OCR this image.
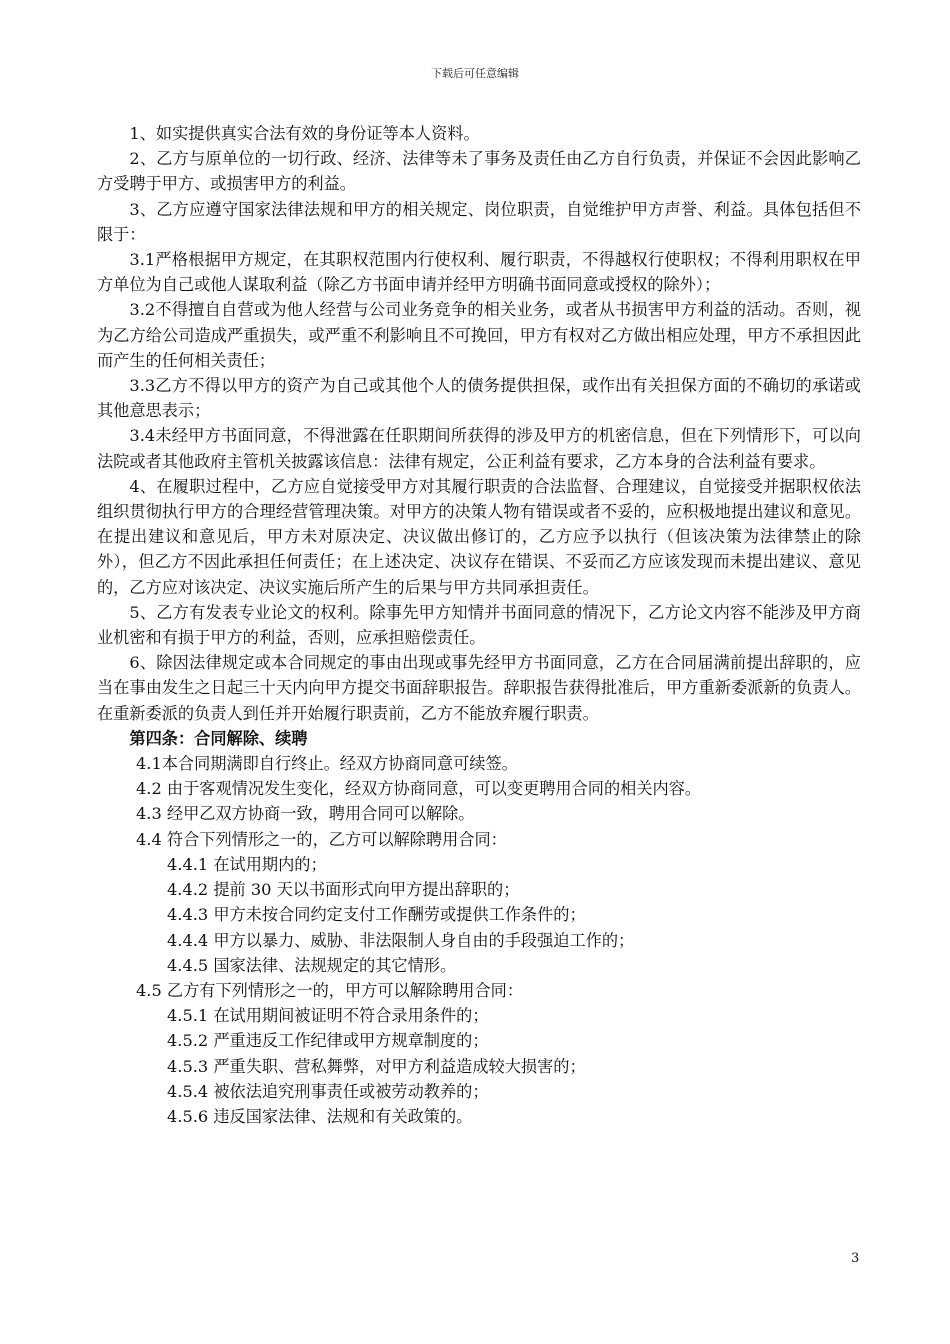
下载后可任意编辑

1、如实提供真实合法有效的身份证等本人资料。

2、乙方与原单位的一切行政、经济、法律等未了事务及责任由乙方自行负责，并保证不会因此影响乙方受聘于甲方、或损害甲方的利益。

3、乙方应遵守国家法律法规和甲方的相关规定、岗位职责，自觉维护甲方声誉、利益。具体包括但不限于：

3.1严格根据甲方规定，在其职权范围内行使权利、履行职责，不得越权行使职权；不得利用职权在甲方单位为自己或他人谋取利益（除乙方书面申请并经甲方明确书面同意或授权的除外）；

3.2不得擅自自营或为他人经营与公司业务竞争的相关业务，或者从书损害甲方利益的活动。否则，视为乙方给公司造成严重损失，或严重不利影响且不可挽回，甲方有权对乙方做出相应处理，甲方不承担因此而产生的任何相关责任；

3.3乙方不得以甲方的资产为自己或其他个人的债务提供担保，或作出有关担保方面的不确切的承诺或其他意思表示；

3.4未经甲方书面同意，不得泄露在任职期间所获得的涉及甲方的机密信息，但在下列情形下，可以向法院或者其他政府主管机关披露该信息：法律有规定，公正利益有要求，乙方本身的合法利益有要求。

4、在履职过程中，乙方应自觉接受甲方对其履行职责的合法监督、合理建议，自觉接受并据职权依法组织贯彻执行甲方的合理经营管理决策。对甲方的决策人物有错误或者不妥的，应积极地提出建议和意见。在提出建议和意见后，甲方未对原决定、决议做出修订的，乙方应予以执行（但该决策为法律禁止的除外），但乙方不因此承担任何责任；在上述决定、决议存在错误、不妥而乙方应该发现而未提出建议、意见的，乙方应对该决定、决议实施后所产生的后果与甲方共同承担责任。

5、乙方有发表专业论文的权利。除事先甲方知情并书面同意的情况下，乙方论文内容不能涉及甲方商业机密和有损于甲方的利益，否则，应承担赔偿责任。

6、除因法律规定或本合同规定的事由出现或事先经甲方书面同意，乙方在合同届满前提出辞职的，应当在事由发生之日起三十天内向甲方提交书面辞职报告。辞职报告获得批准后，甲方重新委派新的负责人。在重新委派的负责人到任并开始履行职责前，乙方不能放弃履行职责。

第四条：合同解除、续聘

4.1本合同期满即自行终止。经双方协商同意可续签。

4.2 由于客观情况发生变化，经双方协商同意，可以变更聘用合同的相关内容。

4.3 经甲乙双方协商一致，聘用合同可以解除。

4.4 符合下列情形之一的，乙方可以解除聘用合同：

4.4.1 在试用期内的；

4.4.2 提前 30 天以书面形式向甲方提出辞职的；

4.4.3 甲方未按合同约定支付工作酬劳或提供工作条件的；

4.4.4 甲方以暴力、威胁、非法限制人身自由的手段强迫工作的；

4.4.5 国家法律、法规规定的其它情形。

4.5 乙方有下列情形之一的，甲方可以解除聘用合同：

4.5.1 在试用期间被证明不符合录用条件的；

4.5.2 严重违反工作纪律或甲方规章制度的；

4.5.3 严重失职、营私舞弊，对甲方利益造成较大损害的；

4.5.4 被依法追究刑事责任或被劳动教养的；

4.5.6 违反国家法律、法规和有关政策的。

3
